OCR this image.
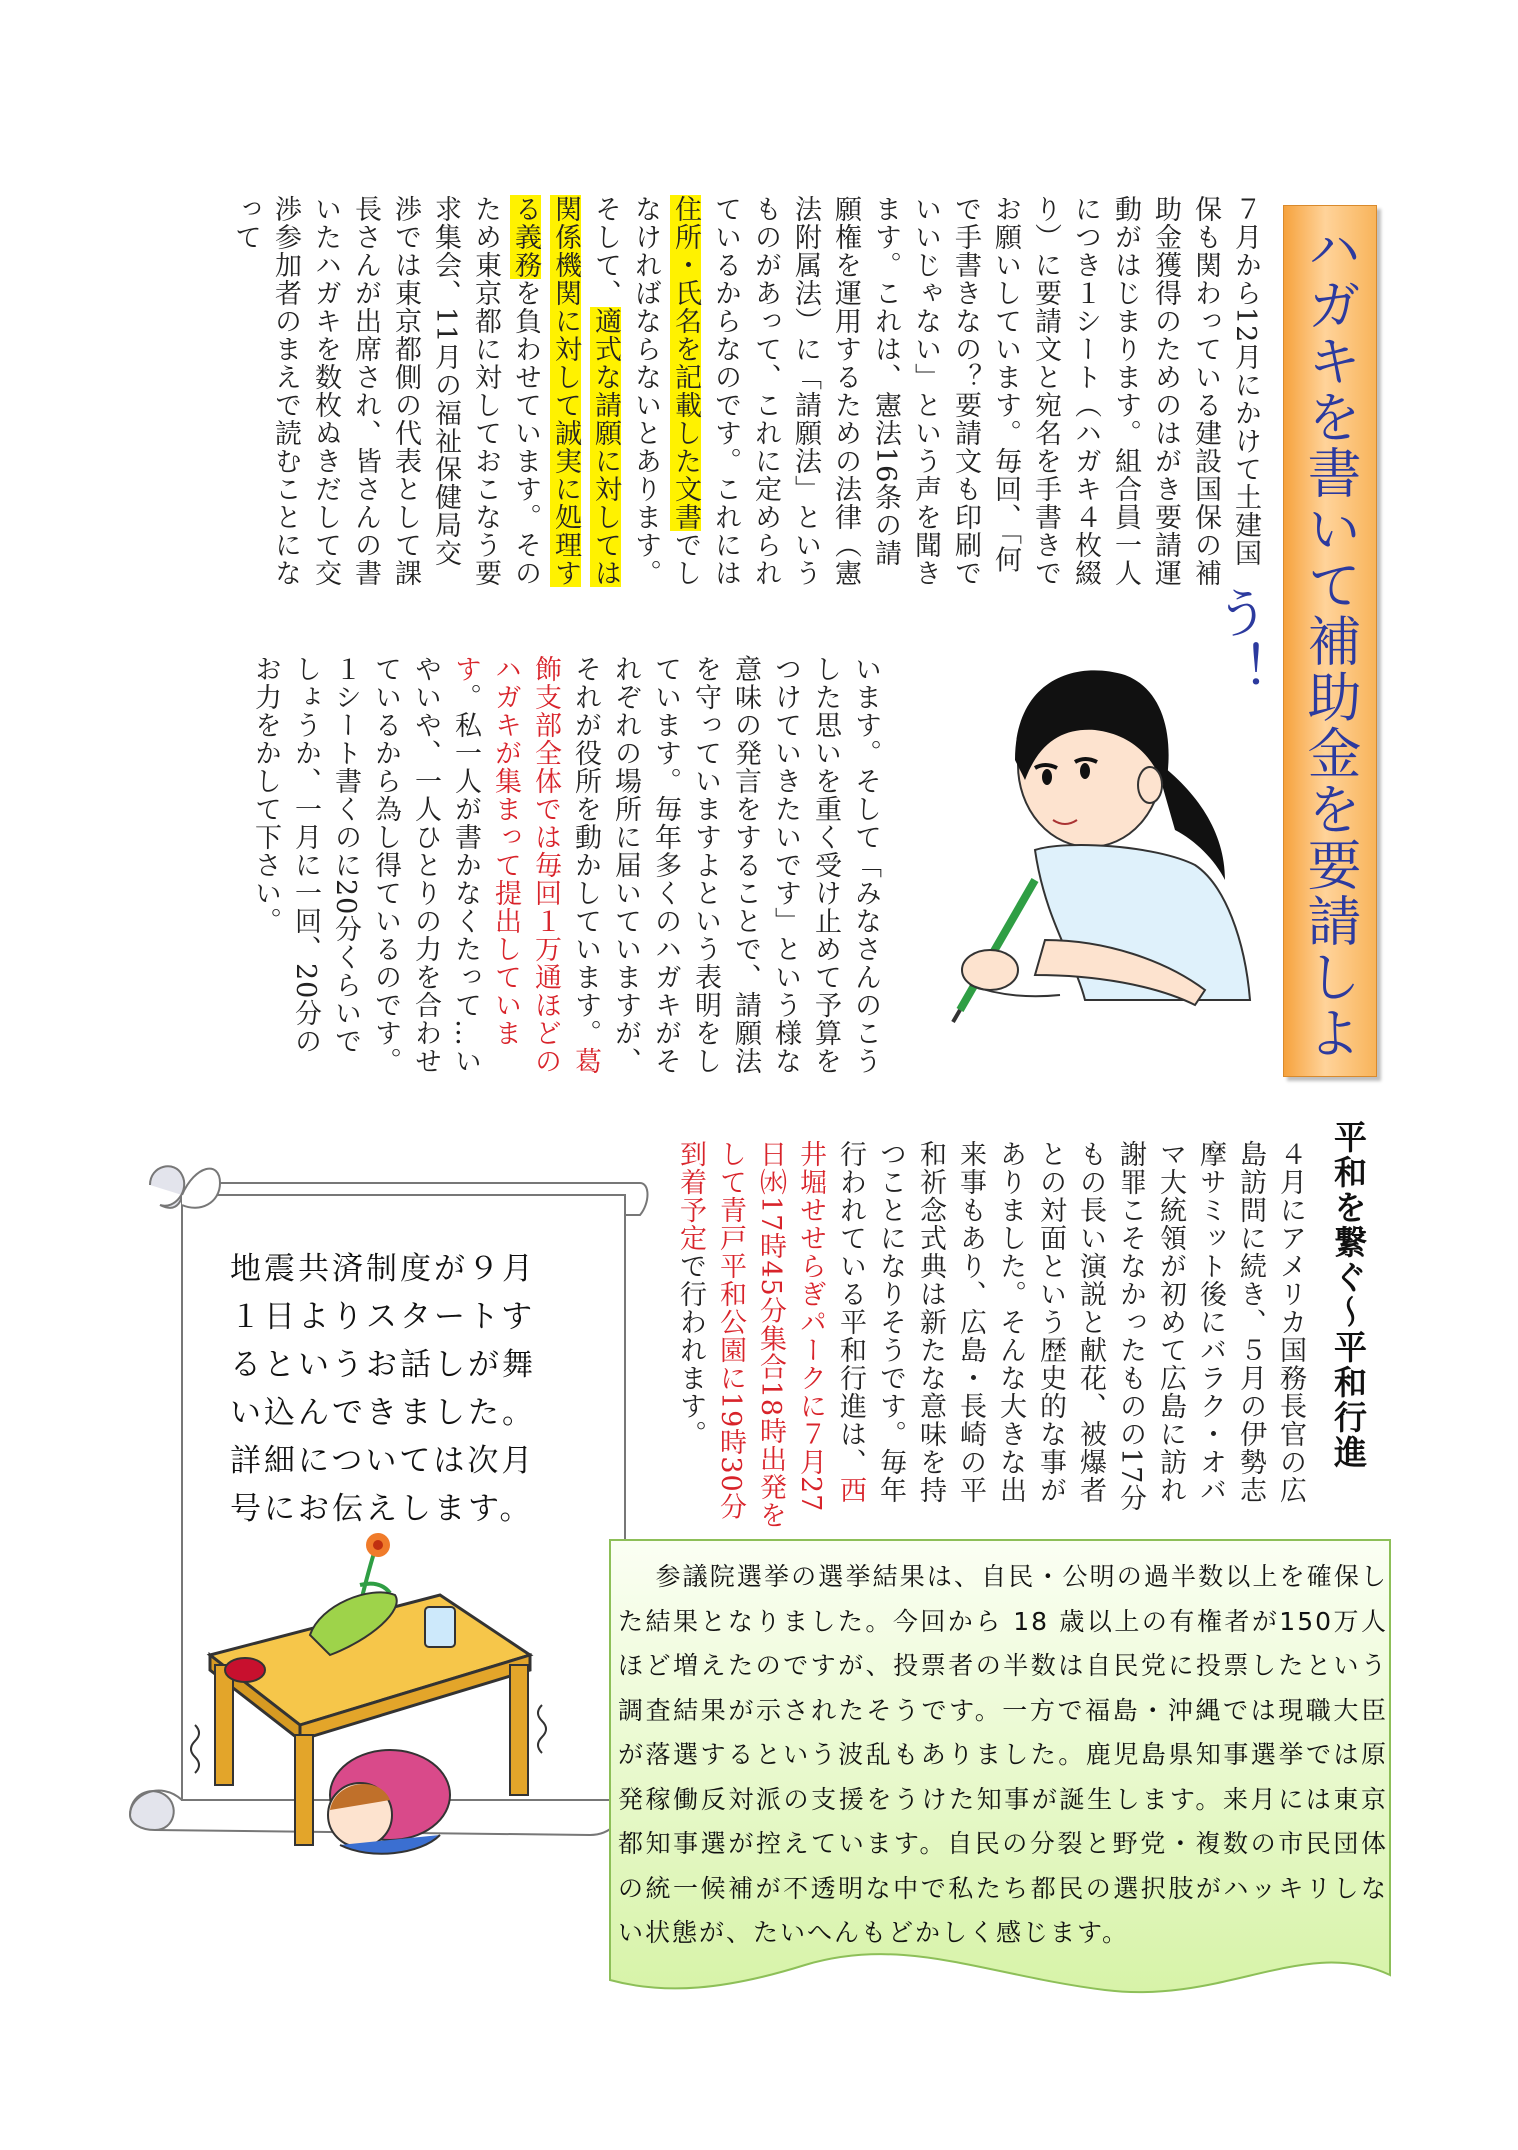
ハガキを書いて補助金を要請しよう！

７月から12月にかけて土建国保も関わっている建設国保の補助金獲得のためのはがき要請運動がはじまります。組合員一人につき１シート（ハガキ４枚綴り）に要請文と宛名を手書きでお願いしています。毎回、「何で手書きなの？要請文も印刷でいいじゃない」という声を聞きます。これは、憲法16条の請願権を運用するための法律（憲法附属法）に「請願法」というものがあって、これに定められているからなのです。これには住所・氏名を記載した文書でしなければならないとあります。そして、適式な請願に対しては関係機関に対して誠実に処理する義務を負わせています。そのため東京都に対しておこなう要求集会、11月の福祉保健局交渉では東京都側の代表として課長さんが出席され、皆さんの書いたハガキを数枚ぬきだして交渉参加者のまえで読むことになって

います。そして「みなさんのこうした思いを重く受け止めて予算をつけていきたいです」という様な意味の発言をすることで、請願法を守っていますよという表明をしています。毎年多くのハガキがそれぞれの場所に届いていますが、それが役所を動かしています。葛飾支部全体では毎回１万通ほどのハガキが集まって提出しています。私一人が書かなくたって…いやいや、一人ひとりの力を合わせているから為し得ているのです。１シート書くのに20分くらいでしょうか、一月に一回、20分のお力をかして下さい。

平和を繋ぐ～平和行進

４月にアメリカ国務長官の広島訪問に続き、５月の伊勢志摩サミット後にバラク・オバマ大統領が初めて広島に訪れ謝罪こそなかったものの17分もの長い演説と献花、被爆者との対面という歴史的な事がありました。そんな大きな出来事もあり、広島・長崎の平和祈念式典は新たな意味を持つことになりそうです。毎年行われている平和行進は、西井堀せせらぎパークに７月27日㈬17時45分集合18時出発をして青戸平和公園に19時30分到着予定で行われます。

地震共済制度が９月１日よりスタートするというお話しが舞い込んできました。詳細については次月号にお伝えします。
参議院選挙の選挙結果は、自民・公明の過半数以上を確保した結果となりました。今回から 18 歳以上の有権者が150万人ほど増えたのですが、投票者の半数は自民党に投票したという調査結果が示されたそうです。一方で福島・沖縄では現職大臣が落選するという波乱もありました。鹿児島県知事選挙では原発稼働反対派の支援をうけた知事が誕生します。来月には東京都知事選が控えています。自民の分裂と野党・複数の市民団体の統一候補が不透明な中で私たち都民の選択肢がハッキリしない状態が、たいへんもどかしく感じます。
